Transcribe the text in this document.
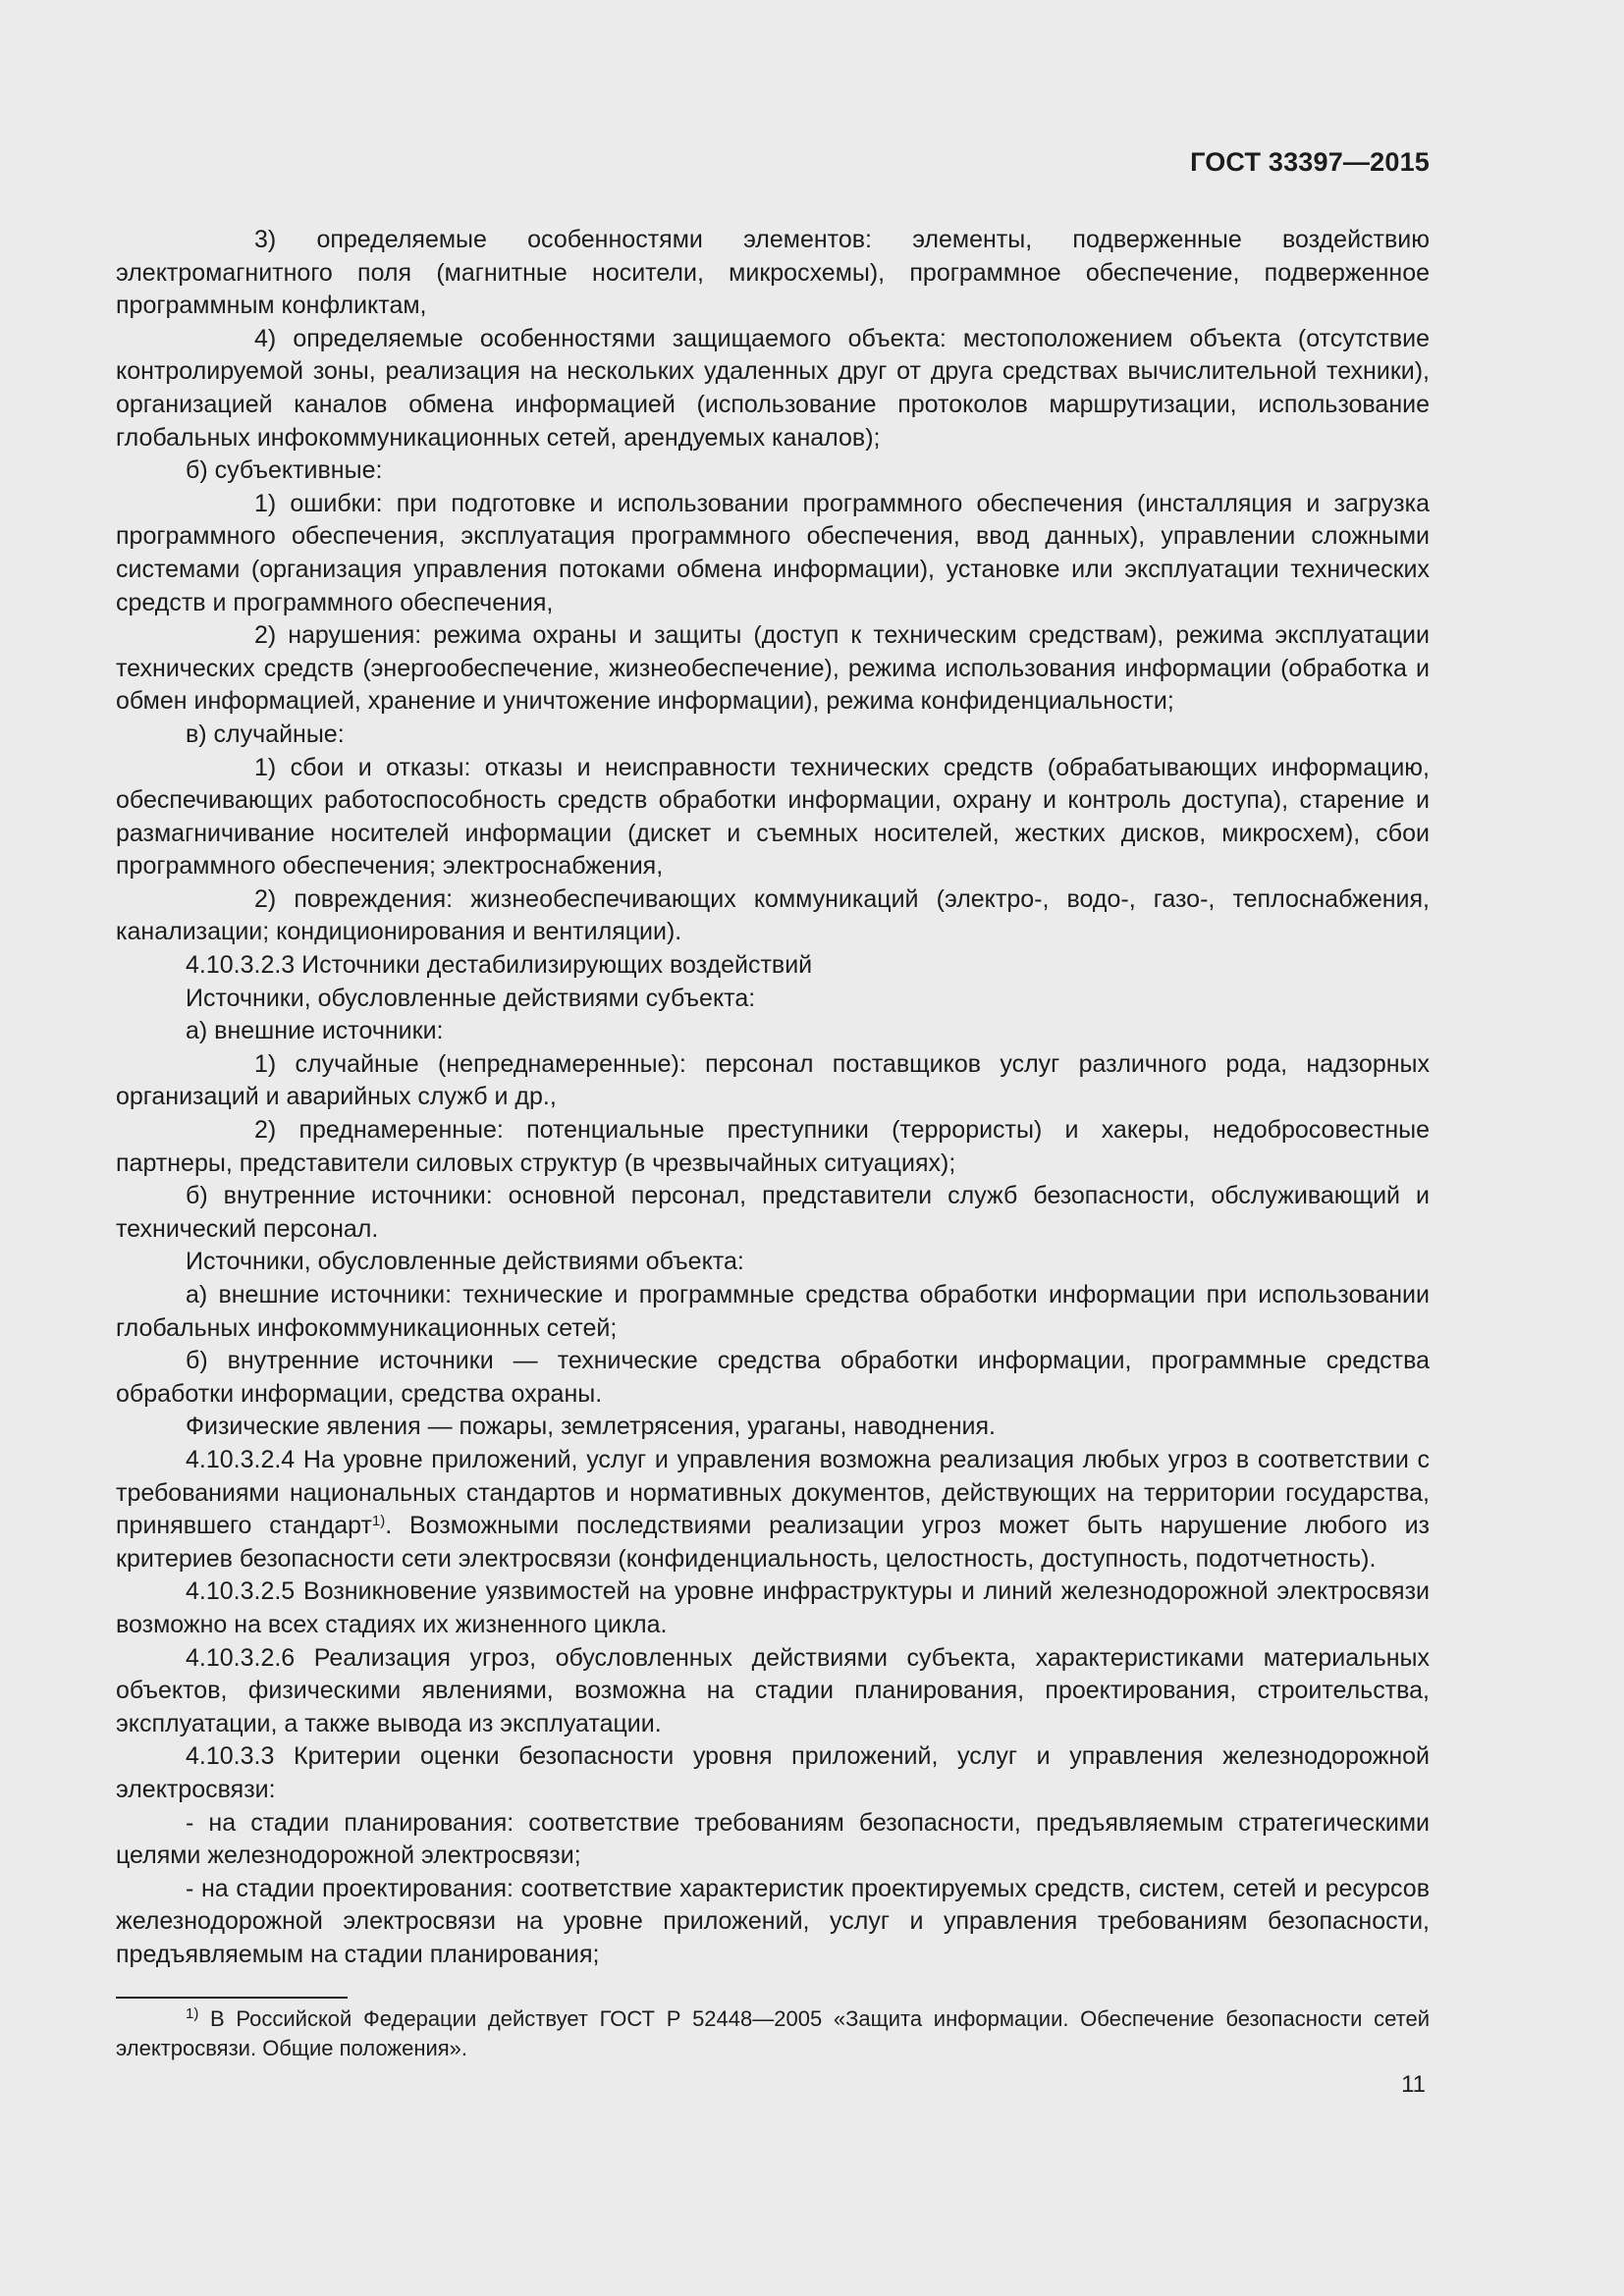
ГОСТ 33397—2015

3) определяемые особенностями элементов: элементы, подверженные воздействию электромагнитного поля (магнитные носители, микросхемы), программное обеспечение, подверженное программным конфликтам,

4) определяемые особенностями защищаемого объекта: местоположением объекта (отсутствие контролируемой зоны, реализация на нескольких удаленных друг от друга средствах вычислительной техники), организацией каналов обмена информацией (использование протоколов маршрутизации, использование глобальных инфокоммуникационных сетей, арендуемых каналов);

б) субъективные:

1) ошибки: при подготовке и использовании программного обеспечения (инсталляция и загрузка программного обеспечения, эксплуатация программного обеспечения, ввод данных), управлении сложными системами (организация управления потоками обмена информации), установке или эксплуатации технических средств и программного обеспечения,

2) нарушения: режима охраны и защиты (доступ к техническим средствам), режима эксплуатации технических средств (энергообеспечение, жизнеобеспечение), режима использования информации (обработка и обмен информацией, хранение и уничтожение информации), режима конфиденциальности;

в) случайные:

1) сбои и отказы: отказы и неисправности технических средств (обрабатывающих информацию, обеспечивающих работоспособность средств обработки информации, охрану и контроль доступа), старение и размагничивание носителей информации (дискет и съемных носителей, жестких дисков, микросхем), сбои программного обеспечения; электроснабжения,

2) повреждения: жизнеобеспечивающих коммуникаций (электро-, водо-, газо-, теплоснабжения, канализации; кондиционирования и вентиляции).

4.10.3.2.3 Источники дестабилизирующих воздействий

Источники, обусловленные действиями субъекта:

а) внешние источники:

1) случайные (непреднамеренные): персонал поставщиков услуг различного рода, надзорных организаций и аварийных служб и др.,

2) преднамеренные: потенциальные преступники (террористы) и хакеры, недобросовестные партнеры, представители силовых структур (в чрезвычайных ситуациях);

б) внутренние источники: основной персонал, представители служб безопасности, обслуживающий и технический персонал.

Источники, обусловленные действиями объекта:

а) внешние источники: технические и программные средства обработки информации при использовании глобальных инфокоммуникационных сетей;

б) внутренние источники — технические средства обработки информации, программные средства обработки информации, средства охраны.

Физические явления — пожары, землетрясения, ураганы, наводнения.

4.10.3.2.4 На уровне приложений, услуг и управления возможна реализация любых угроз в соответствии с требованиями национальных стандартов и нормативных документов, действующих на территории государства, принявшего стандарт$^{1)}$. Возможными последствиями реализации угроз может быть нарушение любого из критериев безопасности сети электросвязи (конфиденциальность, целостность, доступность, подотчетность).

4.10.3.2.5 Возникновение уязвимостей на уровне инфраструктуры и линий железнодорожной электросвязи возможно на всех стадиях их жизненного цикла.

4.10.3.2.6 Реализация угроз, обусловленных действиями субъекта, характеристиками материальных объектов, физическими явлениями, возможна на стадии планирования, проектирования, строительства, эксплуатации, а также вывода из эксплуатации.

4.10.3.3 Критерии оценки безопасности уровня приложений, услуг и управления железнодорожной электросвязи:

- на стадии планирования: соответствие требованиям безопасности, предъявляемым стратегическими целями железнодорожной электросвязи;

- на стадии проектирования: соответствие характеристик проектируемых средств, систем, сетей и ресурсов железнодорожной электросвязи на уровне приложений, услуг и управления требованиям безопасности, предъявляемым на стадии планирования;

$^{1)}$ В Российской Федерации действует ГОСТ Р 52448—2005 «Защита информации. Обеспечение безопасности сетей электросвязи. Общие положения».
11
